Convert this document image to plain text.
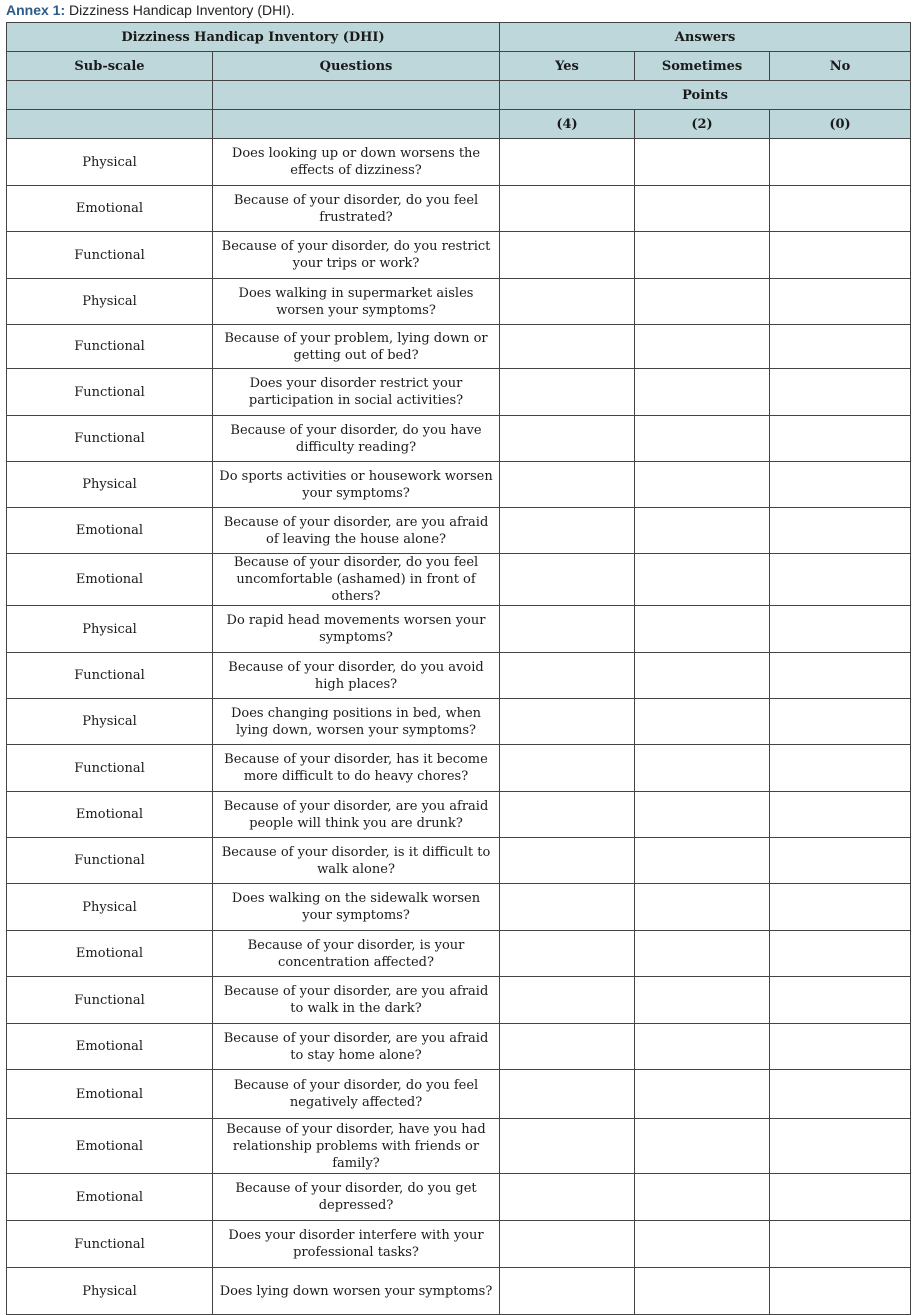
Annex 1: Dizziness Handicap Inventory (DHI).
Dizziness Handicap Inventory (DHI)		Answers		
Sub-scale	Questions	Yes	Sometimes	No
		Points		
		(4)	(2)	(0)
Physical	Does looking up or down worsens the effects of dizziness?			
Emotional	Because of your disorder, do you feel frustrated?			
Functional	Because of your disorder, do you restrict your trips or work?			
Physical	Does walking in supermarket aisles worsen your symptoms?			
Functional	Because of your problem, lying down or getting out of bed?			
Functional	Does your disorder restrict your participation in social activities?			
Functional	Because of your disorder, do you have difficulty reading?			
Physical	Do sports activities or housework worsen your symptoms?			
Emotional	Because of your disorder, are you afraid of leaving the house alone?			
Emotional	Because of your disorder, do you feel uncomfortable (ashamed) in front of others?			
Physical	Do rapid head movements worsen your symptoms?			
Functional	Because of your disorder, do you avoid high places?			
Physical	Does changing positions in bed, when lying down, worsen your symptoms?			
Functional	Because of your disorder, has it become more difficult to do heavy chores?			
Emotional	Because of your disorder, are you afraid people will think you are drunk?			
Functional	Because of your disorder, is it difficult to walk alone?			
Physical	Does walking on the sidewalk worsen your symptoms?			
Emotional	Because of your disorder, is your concentration affected?			
Functional	Because of your disorder, are you afraid to walk in the dark?			
Emotional	Because of your disorder, are you afraid to stay home alone?			
Emotional	Because of your disorder, do you feel negatively affected?			
Emotional	Because of your disorder, have you had relationship problems with friends or family?			
Emotional	Because of your disorder, do you get depressed?			
Functional	Does your disorder interfere with your professional tasks?			
Physical	Does lying down worsen your symptoms?			
